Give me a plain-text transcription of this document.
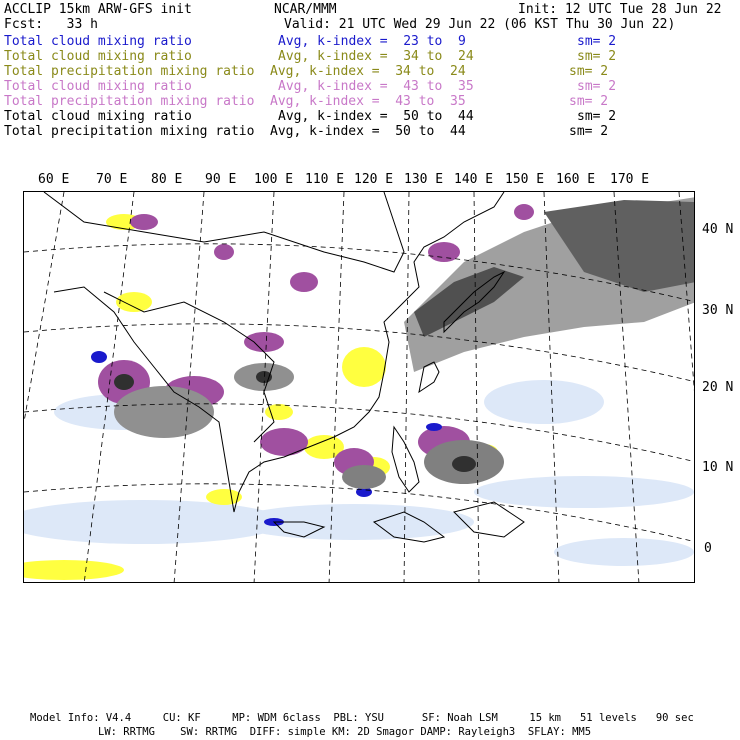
ACCLIP 15km ARW-GFS init	NCAR/MMM	Init: 12 UTC Tue 28 Jun 22
Fcst:   33 h	Valid: 21 UTC Wed 29 Jun 22 (06 KST Thu 30 Jun 22)
Total cloud mixing ratio	Avg, k-index =  23 to  9	sm= 2
Total cloud mixing ratio	Avg, k-index =  34 to  24	sm= 2
Total precipitation mixing ratio Avg, k-index =  34 to  24	sm= 2
Total cloud mixing ratio	Avg, k-index =  43 to  35	sm= 2
Total precipitation mixing ratio Avg, k-index =  43 to  35	sm= 2
Total cloud mixing ratio	Avg, k-index =  50 to  44	sm= 2
Total precipitation mixing ratio Avg, k-index =  50 to  44	sm= 2
60 E 70 E 80 E 90 E 100 E 110 E 120 E 130 E 140 E 150 E 160 E 170 E
40 N
30 N
20 N
10 N
0
Model Info: V4.4     CU: KF     MP: WDM 6class  PBL: YSU      SF: Noah LSM     15 km   51 levels   90 sec
LW: RRTMG    SW: RRTMG  DIFF: simple KM: 2D Smagor DAMP: Rayleigh3  SFLAY: MM5
